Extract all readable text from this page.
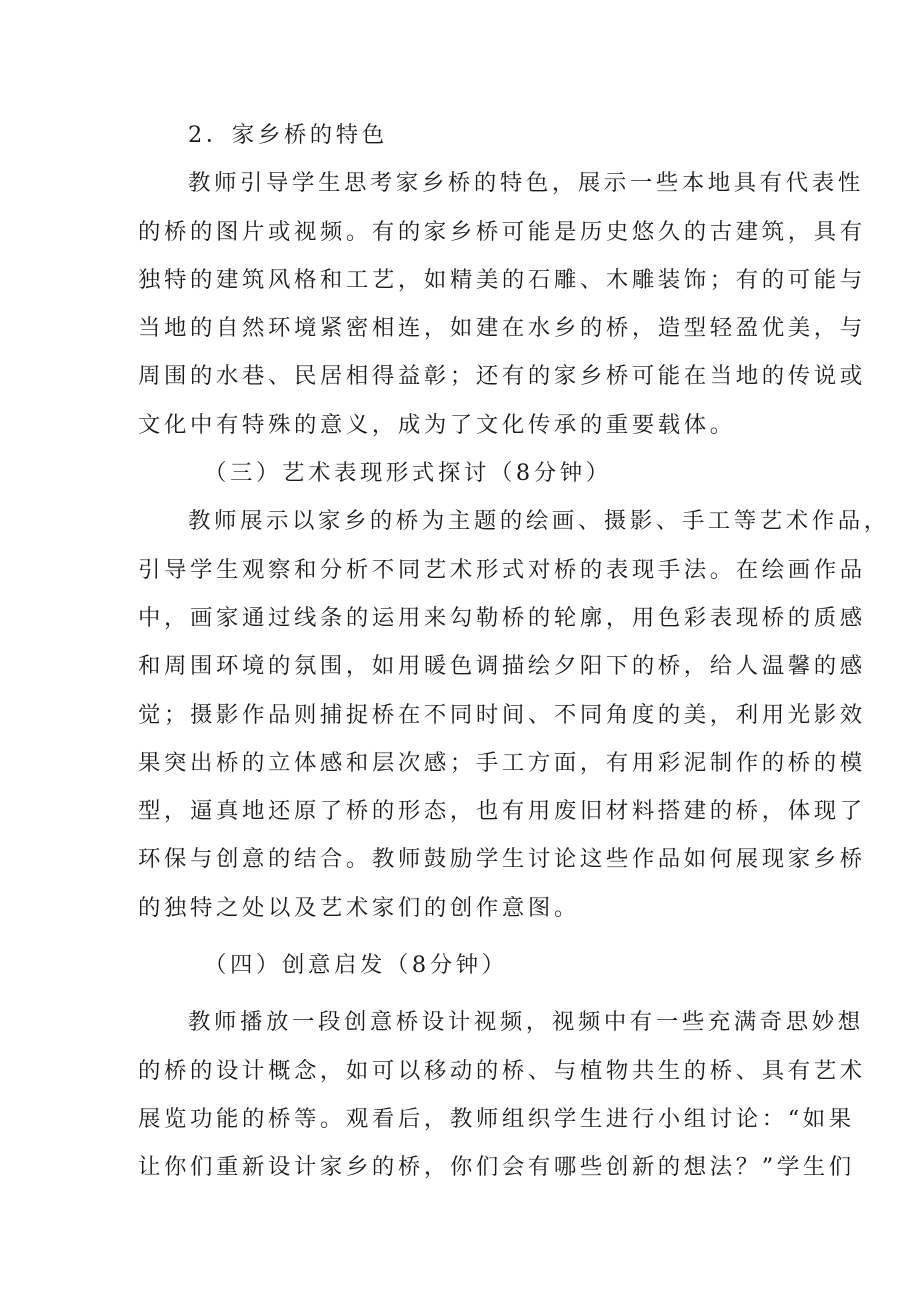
2．家乡桥的特色
教师引导学生思考家乡桥的特色，展示一些本地具有代表性
的桥的图片或视频。有的家乡桥可能是历史悠久的古建筑，具有
独特的建筑风格和工艺，如精美的石雕、木雕装饰；有的可能与
当地的自然环境紧密相连，如建在水乡的桥，造型轻盈优美，与
周围的水巷、民居相得益彰；还有的家乡桥可能在当地的传说或
文化中有特殊的意义，成为了文化传承的重要载体。
（三）艺术表现形式探讨（8分钟）
教师展示以家乡的桥为主题的绘画、摄影、手工等艺术作品，
引导学生观察和分析不同艺术形式对桥的表现手法。在绘画作品
中，画家通过线条的运用来勾勒桥的轮廓，用色彩表现桥的质感
和周围环境的氛围，如用暖色调描绘夕阳下的桥，给人温馨的感
觉；摄影作品则捕捉桥在不同时间、不同角度的美，利用光影效
果突出桥的立体感和层次感；手工方面，有用彩泥制作的桥的模
型，逼真地还原了桥的形态，也有用废旧材料搭建的桥，体现了
环保与创意的结合。教师鼓励学生讨论这些作品如何展现家乡桥
的独特之处以及艺术家们的创作意图。
（四）创意启发（8分钟）
教师播放一段创意桥设计视频，视频中有一些充满奇思妙想
的桥的设计概念，如可以移动的桥、与植物共生的桥、具有艺术
展览功能的桥等。观看后，教师组织学生进行小组讨论：“如果
让你们重新设计家乡的桥，你们会有哪些创新的想法？”学生们
